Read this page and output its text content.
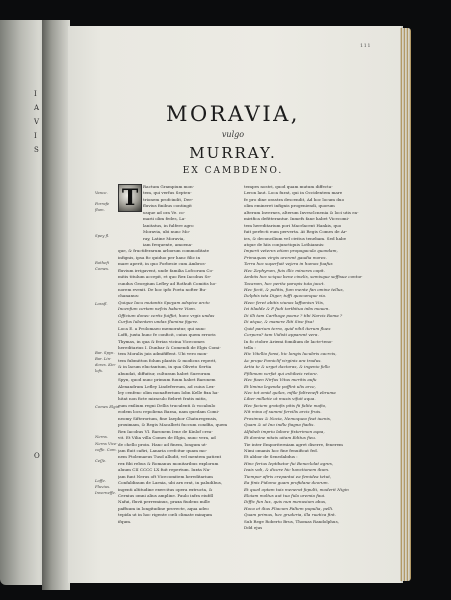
I
A
V
I
S
O
111
MORAVIA,
vulgo
MURRAY.
EX CAMBDENO.
Ractum Grampium mon-
tem, qui verfus Septen-
trionem profcindit, Dee-
fluvius finibus contingit
usque ad ora Ve. co-
marii olim fedes, La-
lanitatus, in fulfere agro
Moravia, ubi nunc Mo-
ray, Latine Moravia,
iam frequente, amoena-
que, & fructiferarum arborum commoditate
infignis, ipsa fic quiduo per hanc filic in
mare aperit, in quo Forbesie cum Ambros-
fluvium irrigavent, unde familia Lofcorum Co-
mitis titulum accepit, et quo Rex Iacobus Se-
cundus Georgium Lefley ad Rothufi Comitis ho-
norem evexit. De hoc ipfo Poeta nofter Bu-
chananus:
Quique lacu mutantis Speyam adspice arcto
Incenfum certam nefcis habere Viam.
Officium donec certis fuiffet, hunc vrgis undas
Curfus lubentem undas flumina figere.
Loca E. a Prolomaeo memoratur, qui nunc
Loffi, juxta hunc fe conficit, cuius quem erroris
Thymas, in qua & ferias vicina Vicecomes
hereditarius I. Dunbar & Comendi de Elgis Comi-
tem Moralis juis admififfent. Ubi vero mon-
tem fubmitton folum plantis & modicus reperit,
& in lacum eluctantum, in qua Oliveto Sertia
abundat, diffuitur, culturam habet Surrorum
Spyn, quod nunc primum fuum habet Baronem
Alexandrum Lefley Lindefereum, ad cuius Lex-
ley cenfenc olim monafterium Iobn Kelle fixa ha-
hitat non ficte miraculo fiebret fratis mitis,
eum exilium regni Dellis truculenti & vocabulo
eodem locu repoliena Baraa, nam quedam Comi-
neomy Sifterorium, fine Iaephor Chaturegensis,
proximam, & Regis Macalbeti fuccum condfia, quem
Rex Iacobus VI. Baronem Iene de Kinlof crea-
vit. Et Vilia villa Comes de Elgin, nunc vera, ad
de chello proin. Hanc ad finem, longum ut-
jam fluit cafiri, Lanaria crefcitur quam mo-
nem Ptolemaeus Tusd alludit, vel mentem patient
rex fibi rebus & Romanus monitaribus explorum
aluum CII CCCC LX fuit repertum. Iuxta Na-
jam funt Nerus oft Vicecomitem hereditarium
Confaldinum de Larnia, ubi arx erat, in paludibus,
ingenti altitudine exercitus opera extructa, &
Cernius omni alius ampline. Paulo infra eiufdl
Nafui, fluvii perreminus, praxa fiudens mille
paffuum in longitudine provecte, aqua adeo
tepida ut in hoc rigente cœli climate minqum
ifqum.
tempes nostri, quod quam mutum diffecta-
Leron laut. Loca furat, qui in Occidentem mare
fe pro dine orastra descendit, Ad hoc locum duo
olim emineret infignis progeniendi, quorum
alterum Invernes, alterum Invesclcnenia & loci utis ea-
mirifica defitterantur. Inmefs fane habet Vicecomi-
tem hereditarium pori Macrlacent Hankis, quo
fuit perfecti eum perverta. At Regis Comes de Ar-
ies, & deconcilium vel civitus tenebam. Sed habe
atque de hiis conjunctiquis Lothiannis:
Imperii veteres etiam propagacula quondam,
Primaquas virgis urerent gaudia mores.
Terra hoc superfuit vejera in humos fuafus
Hec Zephyrum, fuis illic minores capit.
Ambiis hoc sciquo bene cinelis, semisque seffisue contur
Tacaram, hec perita paropis tuta jacet.
Hec fecit, & politis, fum mente fan omine tellus,
Delphis ista Diger, tuffi quocumque via.
Heec feret abitis viunos laffumisn Viis,
Ivi tiladde & F fudi tartbitua inbs mouen.
Di illi tam Carthage poene ? tibi Narcis Roma ?
Di atque, & manere Iliti Sive fixa!
Quid parium terra, quid nihil iterum flues
Corpora? tam Vidisti apparent vera.
In fo ctobre Ariemi fomilium de lacte-teno-
tella :
Hic Vitellio fonsi, hic longis lucubris cacrcis,
Ac prope Pomiclif virginis ara tradus.
Artia te & urget dactoras, & ingenio fello
Ffilimum verfat qui exhibeis retore.
Hec fiaen Nirfus Vitus meritis aufu
Et limina legenda poffint ulis arce,
Nec tot omid quiles, mfile faltreneft ebruma
Liber milletie ut musis vifuit aqua.
Hec faciem gratofis pitis fii falite mafio,
Nit mina of summi fervilis arcis fruis.
Proximus & Nocia, Nemoquea feat iuenis,
Quam & ut Ino indlu fiagna fiadis.
Alfabeb impriu labore fixterimon aqaa,
Et domine nitais uitam Editus fieu.
Tie inter Emporiterniam agret diserre, fenerem
Nimi omanis hoc fine fenuificat fed.
Et abbor de Senedabdus :
Hinc ferius leptibatur fui Beneclolat agres,
Ivais vah, & dicere hic hanctionem ibum.
Tiempor afiris crepantui ea femidea tetut,
Ea finis Pidomo guam profidane deorum.
Et qued optam tuis menerat fepulti, moderit Nigin
Eloiam moltus aut tua fula uremia faui.
Diffic fun lux, quis nun menusium abus,
Hoca et ilius Pliacum Faltem pupulia, pelli.
Quam primus, hec gruderia, illa ruetica fint.
Sub Rege Roberto Brus, Thomas Randolphus,
Ddd ejus
T
Vance.
Forrafe
flum.
Spey fl.
Rothefi
Comes.
Loxsfl.
Bar. Spyn.
Bar. Lin-
dores. Kin-
lofs.
Comes Elgin.
Nerns.
Nerns Vice-
coffe. Com.
Ceſſe.
Loffe.
Fluvius.
Inverneffe.
